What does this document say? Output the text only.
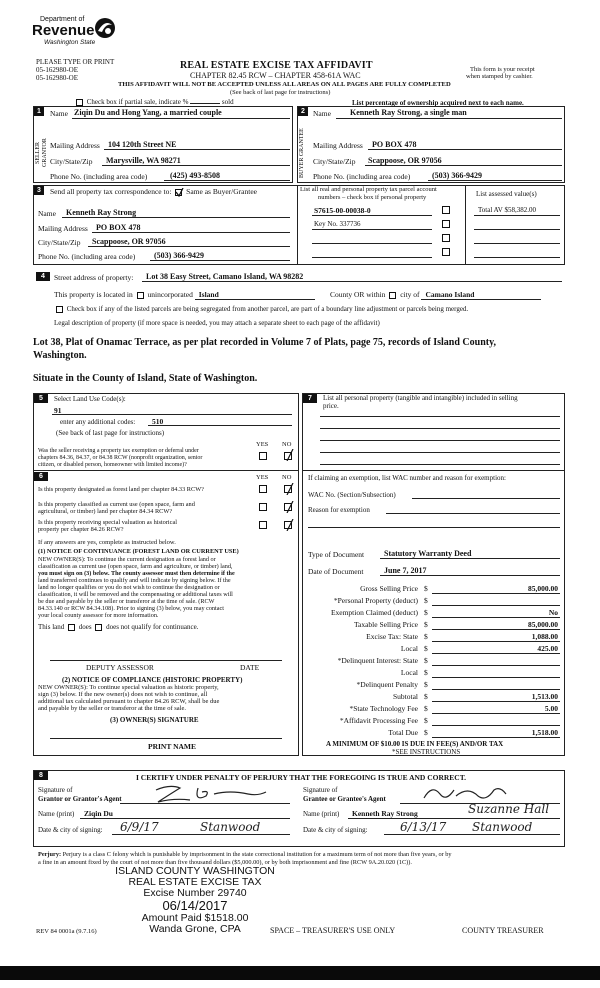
Department of
Revenue
Washington State
PLEASE TYPE OR PRINT
05-162980-OE
05-162980-OE
REAL ESTATE EXCISE TAX AFFIDAVIT
CHAPTER 82.45 RCW – CHAPTER 458-61A WAC
THIS AFFIDAVIT WILL NOT BE ACCEPTED UNLESS ALL AREAS ON ALL PAGES ARE FULLY COMPLETED
(See back of last page for instructions)
This form is your receipt
when stamped by cashier.
Check box if partial sale, indicate %	sold	List percentage of ownership acquired next to each name.
1	2
SELLER GRANTOR	BUYER GRANTEE
Name Ziqin Du and Hong Yang, a married couple
Mailing Address 104 120th Street NE
City/State/Zip Marysville, WA 98271
Phone No. (including area code)	(425) 493-8508
Name Kenneth Ray Strong, a single man
Mailing Address PO BOX 478
City/State/Zip Scappoose, OR 97056
Phone No. (including area code)	(503) 366-9429
3	Send all property tax correspondence to: Same as Buyer/Grantee
Name Kenneth Ray Strong
Mailing Address PO BOX 478
City/State/Zip Scappoose, OR 97056
Phone No. (including area code) (503) 366-9429
List all real and personal property tax parcel account
numbers – check box if personal property	List assessed value(s)
S7615-00-00038-0	Total AV $58,382.00
Key No. 337736
4	Street address of property: Lot 38 Easy Street, Camano Island, WA 98282
This property is located in unincorporated Island	County OR within city of Camano Island
Check box if any of the listed parcels are being segregated from another parcel, are part of a boundary line adjustment or parcels being merged.
Legal description of property (if more space is needed, you may attach a separate sheet to each page of the affidavit)
Lot 38, Plat of Onamac Terrace, as per plat recorded in Volume 7 of Plats, page 75, records of Island County,
Washington.
Situate in the County of Island, State of Washington.
5	Select Land Use Code(s):
91
enter any additional codes: 510
(See back of last page for instructions)
YES NO
Was the seller receiving a property tax exemption or deferral under
chapters 84.36, 84.37, or 84.38 RCW (nonprofit organization, senior
citizen, or disabled person, homeowner with limited income)?
6	YES NO
Is this property designated as forest land per chapter 84.33 RCW?
Is this property classified as current use (open space, farm and
agricultural, or timber) land per chapter 84.34 RCW?
Is this property receiving special valuation as historical
property per chapter 84.26 RCW?
If any answers are yes, complete as instructed below.
(1) NOTICE OF CONTINUANCE (FOREST LAND OR CURRENT USE)
NEW OWNER(S): To continue the current designation as forest land or
classification as current use (open space, farm and agriculture, or timber) land,
you must sign on (3) below. The county assessor must then determine if the
land transferred continues to qualify and will indicate by signing below. If the
land no longer qualifies or you do not wish to continue the designation or
classification, it will be removed and the compensating or additional taxes will
be due and payable by the seller or transferor at the time of sale. (RCW
84.33.140 or RCW 84.34.108). Prior to signing (3) below, you may contact
your local county assessor for more information.
This land does does not qualify for continuance.
DEPUTY ASSESSOR	DATE
(2) NOTICE OF COMPLIANCE (HISTORIC PROPERTY)
NEW OWNER(S): To continue special valuation as historic property,
sign (3) below. If the new owner(s) does not wish to continue, all
additional tax calculated pursuant to chapter 84.26 RCW, shall be due
and payable by the seller or transferor at the time of sale.
(3) OWNER(S) SIGNATURE
PRINT NAME
7	List all personal property (tangible and intangible) included in selling
price.
If claiming an exemption, list WAC number and reason for exemption:
WAC No. (Section/Subsection)
Reason for exemption
Type of Document Statutory Warranty Deed
Date of Document	June 7, 2017
Gross Selling Price $	85,000.00
*Personal Property (deduct) $
Exemption Claimed (deduct) $	No
Taxable Selling Price $	85,000.00
Excise Tax: State $	1,088.00
Local $	425.00
*Delinquent Interest: State $
Local $
*Delinquent Penalty $
Subtotal $	1,513.00
*State Technology Fee $	5.00
*Affidavit Processing Fee $
Total Due $	1,518.00
A MINIMUM OF $10.00 IS DUE IN FEE(S) AND/OR TAX
*SEE INSTRUCTIONS
8	I CERTIFY UNDER PENALTY OF PERJURY THAT THE FOREGOING IS TRUE AND CORRECT.
Signature of
Grantor or Grantor's Agent
Name (print) Ziqin Du
Date & city of signing: 6/9/17	Stanwood
Signature of
Grantee or Grantee's Agent
Name (print) Kenneth Ray Strong	Suzanne Hall
Date & city of signing:	6/13/17 Stanwood
Perjury: Perjury is a class C felony which is punishable by imprisonment in the state correctional institution for a maximum term of not more than five years, or by
a fine in an amount fixed by the court of not more than five thousand dollars ($5,000.00), or by both imprisonment and fine (RCW 9A.20.020 (1C)).
ISLAND COUNTY WASHINGTON
REAL ESTATE EXCISE TAX
Excise Number 29740
06/14/2017
Amount Paid $1518.00
Wanda Grone, CPA
REV 84 0001a (9.7.16)	SPACE – TREASURER'S USE ONLY	COUNTY TREASURER
